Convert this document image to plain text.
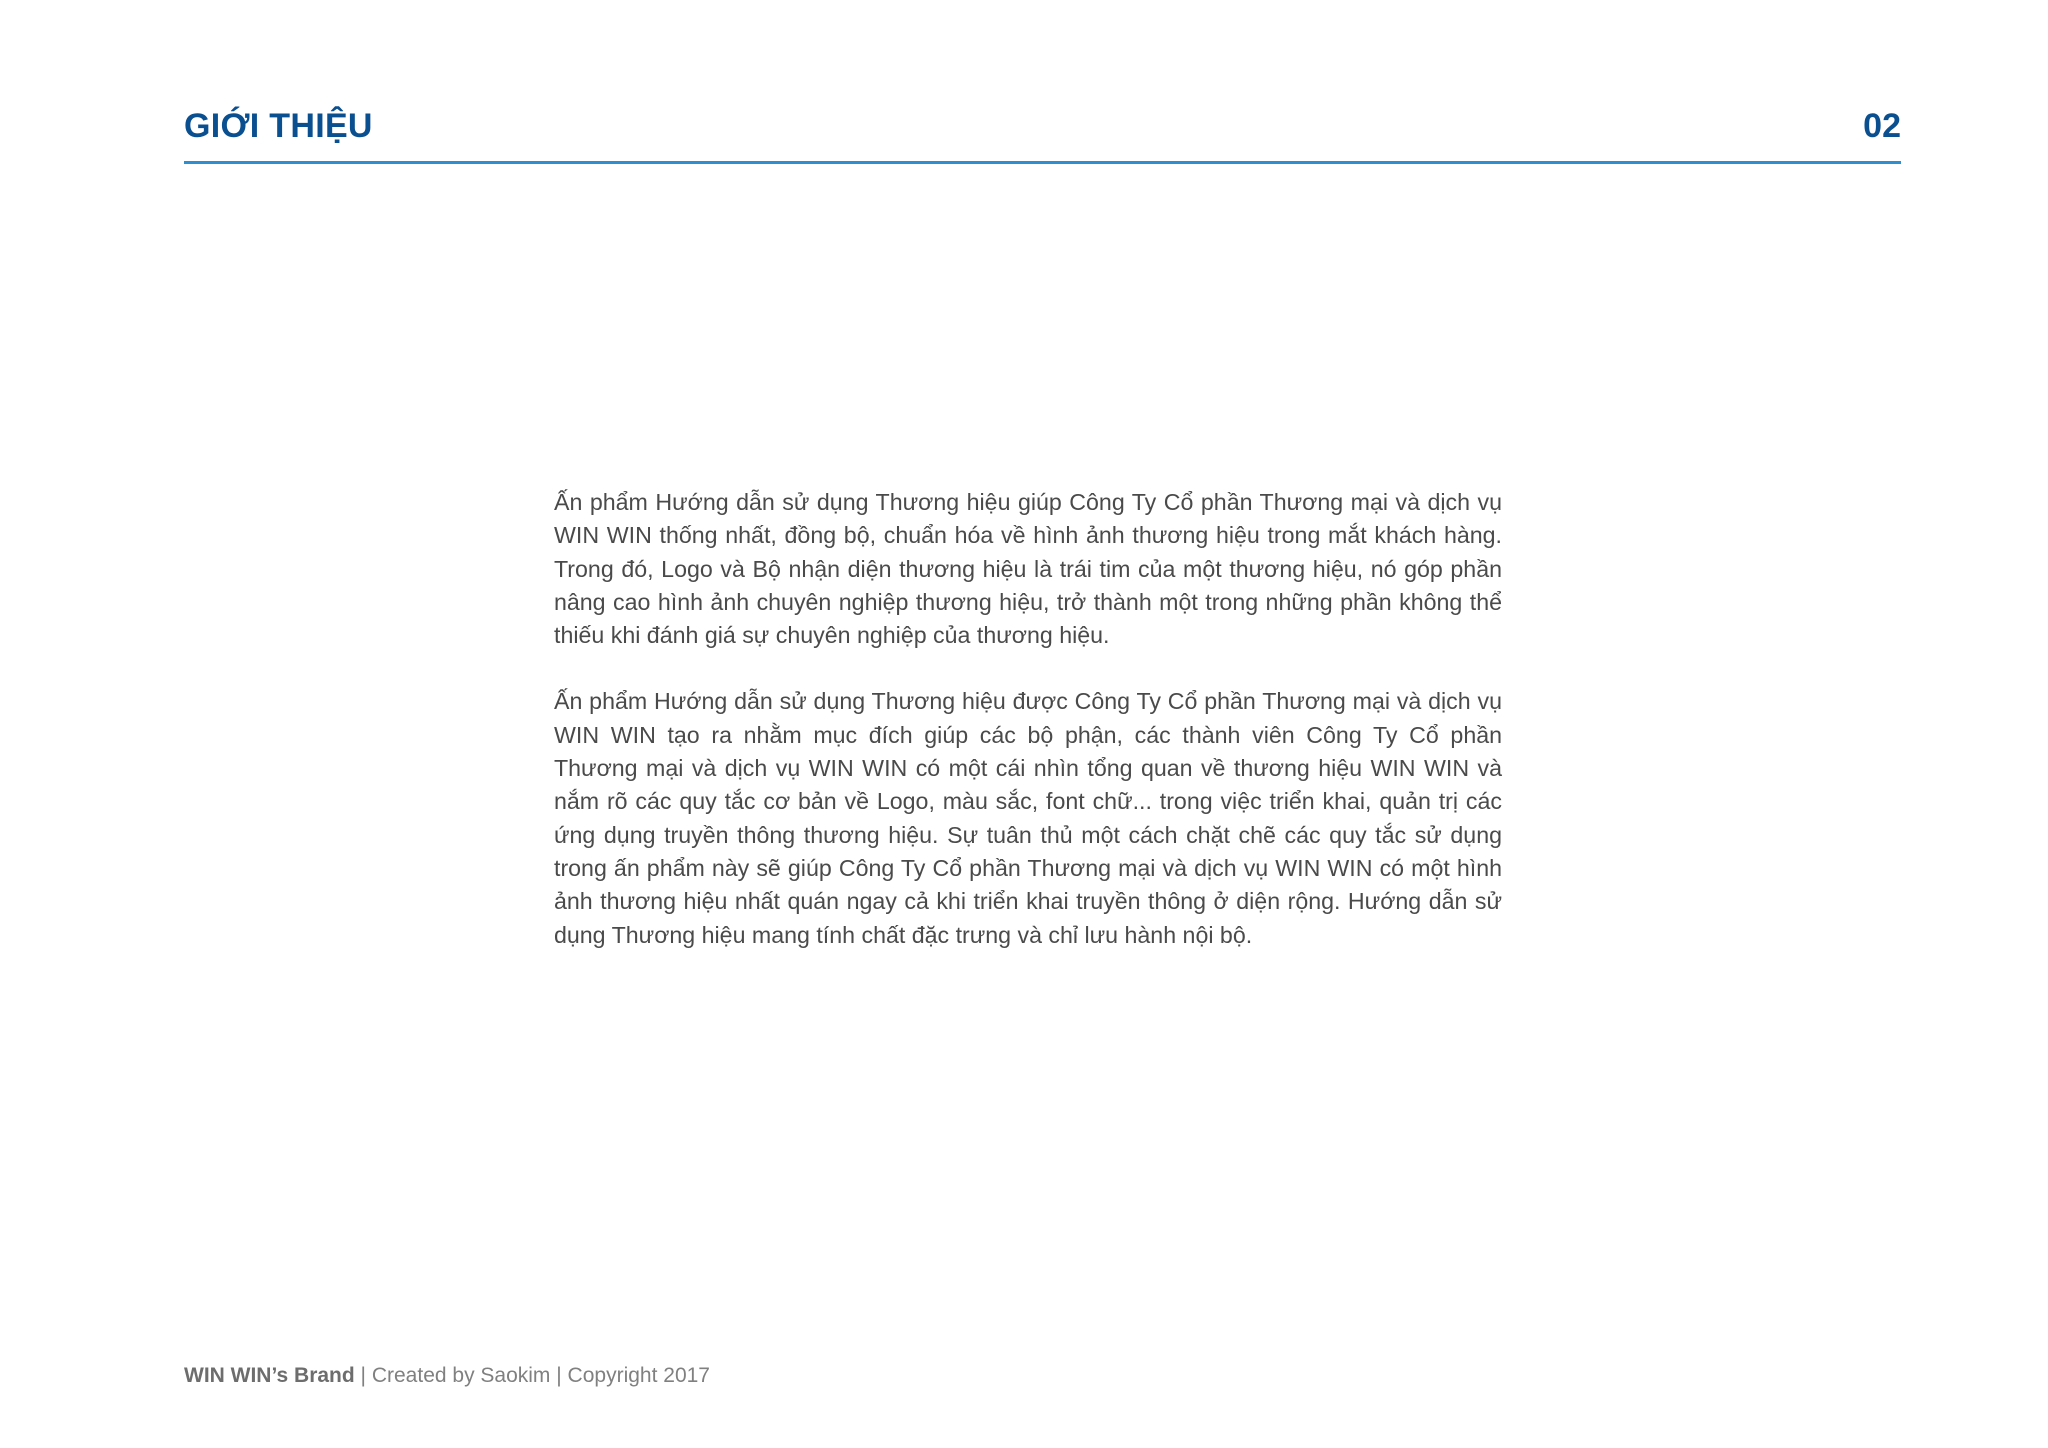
GIỚI THIỆU	02

Ấn phẩm Hướng dẫn sử dụng Thương hiệu giúp Công Ty Cổ phần Thương mại và dịch vụ WIN WIN thống nhất, đồng bộ, chuẩn hóa về hình ảnh thương hiệu trong mắt khách hàng. Trong đó, Logo và Bộ nhận diện thương hiệu là trái tim của một thương hiệu, nó góp phần nâng cao hình ảnh chuyên nghiệp thương hiệu, trở thành một trong những phần không thể thiếu khi đánh giá sự chuyên nghiệp của thương hiệu.

Ấn phẩm Hướng dẫn sử dụng Thương hiệu được Công Ty Cổ phần Thương mại và dịch vụ WIN WIN tạo ra nhằm mục đích giúp các bộ phận, các thành viên Công Ty Cổ phần Thương mại và dịch vụ WIN WIN có một cái nhìn tổng quan về thương hiệu WIN WIN và nắm rõ các quy tắc cơ bản về Logo, màu sắc, font chữ... trong việc triển khai, quản trị các ứng dụng truyền thông thương hiệu. Sự tuân thủ một cách chặt chẽ các quy tắc sử dụng trong ấn phẩm này sẽ giúp Công Ty Cổ phần Thương mại và dịch vụ WIN WIN có một hình ảnh thương hiệu nhất quán ngay cả khi triển khai truyền thông ở diện rộng. Hướng dẫn sử dụng Thương hiệu mang tính chất đặc trưng và chỉ lưu hành nội bộ.

WIN WIN’s Brand | Created by Saokim | Copyright 2017
